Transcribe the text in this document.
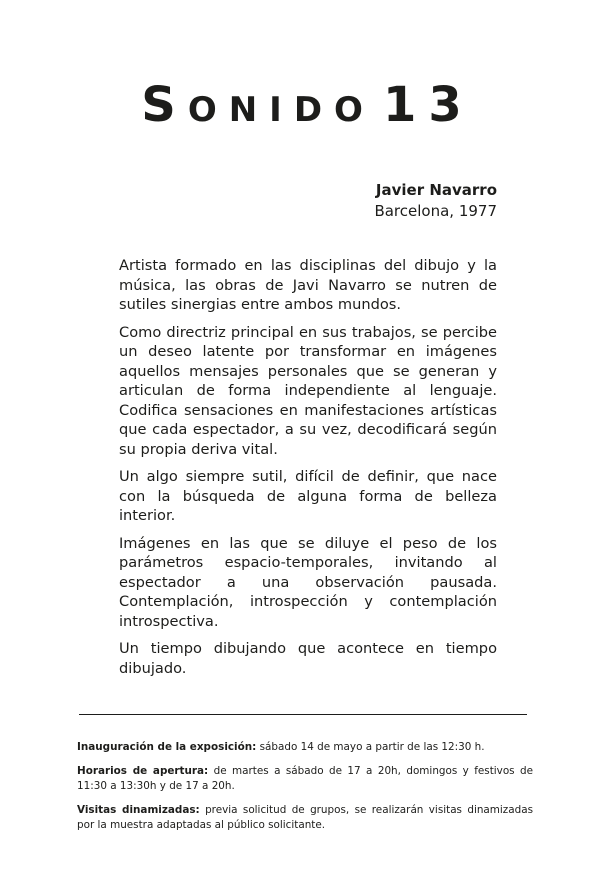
SONIDO 13
Javier Navarro
Barcelona, 1977

Artista formado en las disciplinas del dibujo y la música, las obras de Javi Navarro se nutren de sutiles sinergias entre ambos mundos.

Como directriz principal en sus trabajos, se percibe un deseo latente por transformar en imágenes aquellos mensajes personales que se generan y articulan de forma independiente al lenguaje. Codifica sensaciones en manifestaciones artísticas que cada espectador, a su vez, decodificará según su propia deriva vital.

Un algo siempre sutil, difícil de definir, que nace con la búsqueda de alguna forma de belleza interior.

Imágenes en las que se diluye el peso de los parámetros espacio-temporales, invitando al espectador a una observación pausada. Contemplación, introspección y contemplación introspectiva.

Un tiempo dibujando que acontece en tiempo dibujado.

Inauguración de la exposición: sábado 14 de mayo a partir de las 12:30 h.

Horarios de apertura: de martes a sábado de 17 a 20h, domingos y festivos de 11:30 a 13:30h y de 17 a 20h.

Visitas dinamizadas: previa solicitud de grupos, se realizarán visitas dinamizadas por la muestra adaptadas al público solicitante.
